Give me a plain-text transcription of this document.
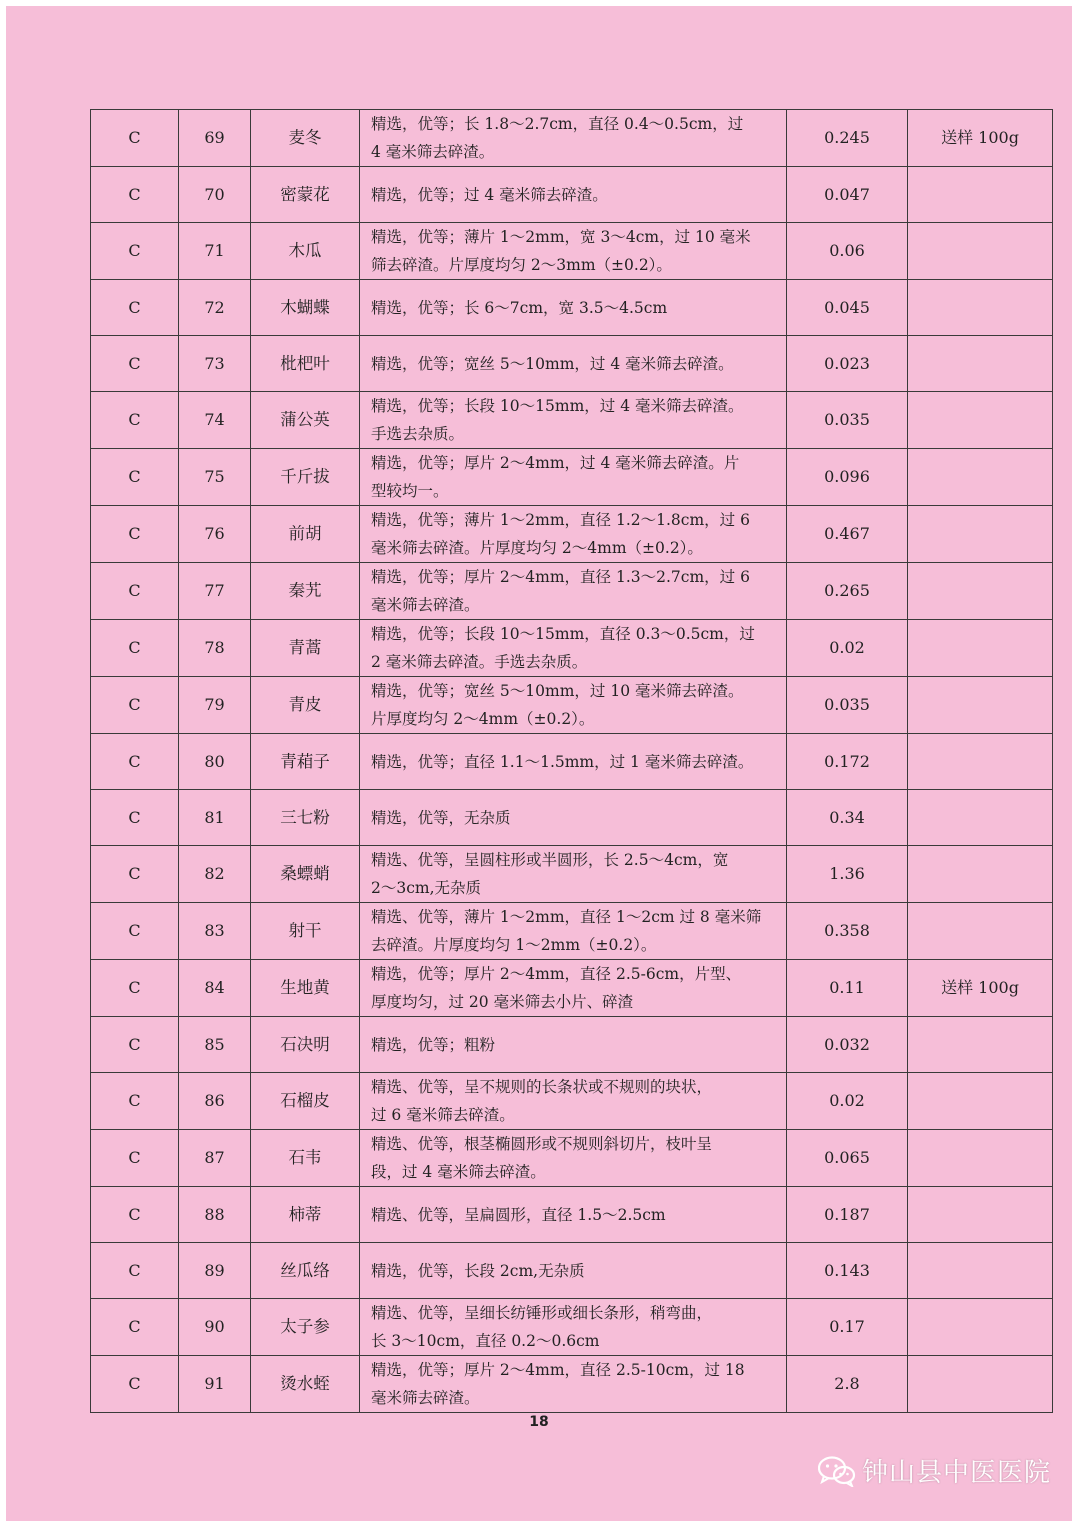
C	69	麦冬	精选，优等；长 1.8～2.7cm，直径 0.4～0.5cm，过
4 毫米筛去碎渣。	0.245	送样 100g
C	70	密蒙花	精选，优等；过 4 毫米筛去碎渣。	0.047	
C	71	木瓜	精选，优等；薄片 1～2mm，宽 3～4cm，过 10 毫米
筛去碎渣。片厚度均匀 2～3mm（±0.2）。	0.06	
C	72	木蝴蝶	精选，优等；长 6～7cm，宽 3.5～4.5cm	0.045	
C	73	枇杷叶	精选，优等；宽丝 5～10mm，过 4 毫米筛去碎渣。	0.023	
C	74	蒲公英	精选，优等；长段 10～15mm，过 4 毫米筛去碎渣。
手选去杂质。	0.035	
C	75	千斤拔	精选，优等；厚片 2～4mm，过 4 毫米筛去碎渣。片
型较均一。	0.096	
C	76	前胡	精选，优等；薄片 1～2mm，直径 1.2～1.8cm，过 6
毫米筛去碎渣。片厚度均匀 2～4mm（±0.2）。	0.467	
C	77	秦艽	精选，优等；厚片 2～4mm，直径 1.3～2.7cm，过 6
毫米筛去碎渣。	0.265	
C	78	青蒿	精选，优等；长段 10～15mm，直径 0.3～0.5cm，过
2 毫米筛去碎渣。手选去杂质。	0.02	
C	79	青皮	精选，优等；宽丝 5～10mm，过 10 毫米筛去碎渣。
片厚度均匀 2～4mm（±0.2）。	0.035	
C	80	青葙子	精选，优等；直径 1.1～1.5mm，过 1 毫米筛去碎渣。	0.172	
C	81	三七粉	精选，优等，无杂质	0.34	
C	82	桑螵蛸	精选、优等，呈圆柱形或半圆形，长 2.5～4cm，宽
2～3cm,无杂质	1.36	
C	83	射干	精选、优等，薄片 1～2mm，直径 1～2cm 过 8 毫米筛
去碎渣。片厚度均匀 1～2mm（±0.2）。	0.358	
C	84	生地黄	精选，优等；厚片 2～4mm，直径 2.5-6cm，片型、
厚度均匀，过 20 毫米筛去小片、碎渣	0.11	送样 100g
C	85	石决明	精选，优等；粗粉	0.032	
C	86	石榴皮	精选、优等，呈不规则的长条状或不规则的块状，
过 6 毫米筛去碎渣。	0.02	
C	87	石韦	精选、优等，根茎椭圆形或不规则斜切片，枝叶呈
段，过 4 毫米筛去碎渣。	0.065	
C	88	柿蒂	精选、优等，呈扁圆形，直径 1.5～2.5cm	0.187	
C	89	丝瓜络	精选，优等，长段 2cm,无杂质	0.143	
C	90	太子参	精选、优等，呈细长纺锤形或细长条形，稍弯曲，
长 3～10cm，直径 0.2～0.6cm	0.17	
C	91	烫水蛭	精选，优等；厚片 2～4mm，直径 2.5-10cm，过 18
毫米筛去碎渣。	2.8	
18
钟山县中医医院
